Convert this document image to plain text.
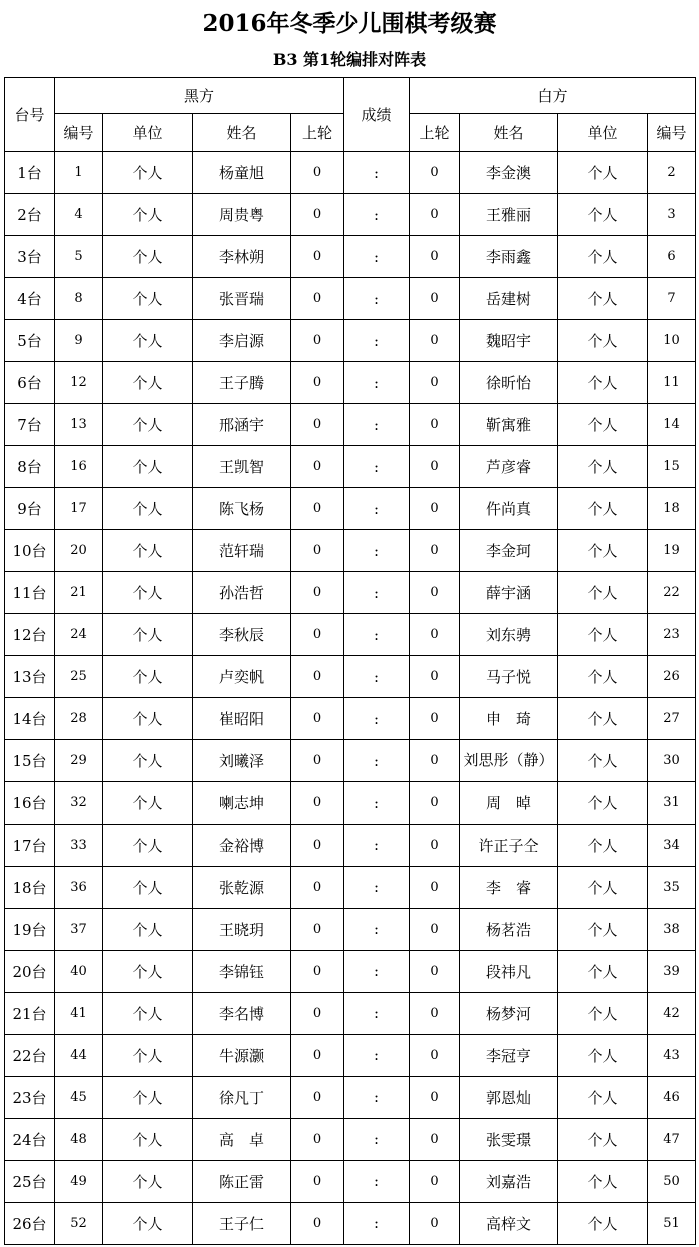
2016年冬季少儿围棋考级赛
B3 第1轮编排对阵表
台号	黑方				成绩	白方			
	编号	单位	姓名	上轮		上轮	姓名	单位	编号
1台	1	个人	杨童旭	0	:	0	李金澳	个人	2
2台	4	个人	周贵粤	0	:	0	王雅丽	个人	3
3台	5	个人	李林朔	0	:	0	李雨鑫	个人	6
4台	8	个人	张晋瑞	0	:	0	岳建树	个人	7
5台	9	个人	李启源	0	:	0	魏昭宇	个人	10
6台	12	个人	王子腾	0	:	0	徐昕怡	个人	11
7台	13	个人	邢涵宇	0	:	0	靳寓雅	个人	14
8台	16	个人	王凯智	0	:	0	芦彦睿	个人	15
9台	17	个人	陈飞杨	0	:	0	仵尚真	个人	18
10台	20	个人	范轩瑞	0	:	0	李金珂	个人	19
11台	21	个人	孙浩哲	0	:	0	薛宇涵	个人	22
12台	24	个人	李秋辰	0	:	0	刘东骋	个人	23
13台	25	个人	卢奕帆	0	:	0	马子悦	个人	26
14台	28	个人	崔昭阳	0	:	0	申　琦	个人	27
15台	29	个人	刘曦泽	0	:	0	刘思彤（静）	个人	30
16台	32	个人	喇志坤	0	:	0	周　晫	个人	31
17台	33	个人	金裕博	0	:	0	许正子仝	个人	34
18台	36	个人	张乾源	0	:	0	李　睿	个人	35
19台	37	个人	王晓玥	0	:	0	杨茗浩	个人	38
20台	40	个人	李锦钰	0	:	0	段祎凡	个人	39
21台	41	个人	李名博	0	:	0	杨梦河	个人	42
22台	44	个人	牛源灏	0	:	0	李冠亨	个人	43
23台	45	个人	徐凡丁	0	:	0	郭恩灿	个人	46
24台	48	个人	高　卓	0	:	0	张雯璟	个人	47
25台	49	个人	陈正雷	0	:	0	刘嘉浩	个人	50
26台	52	个人	王子仁	0	:	0	高梓文	个人	51
